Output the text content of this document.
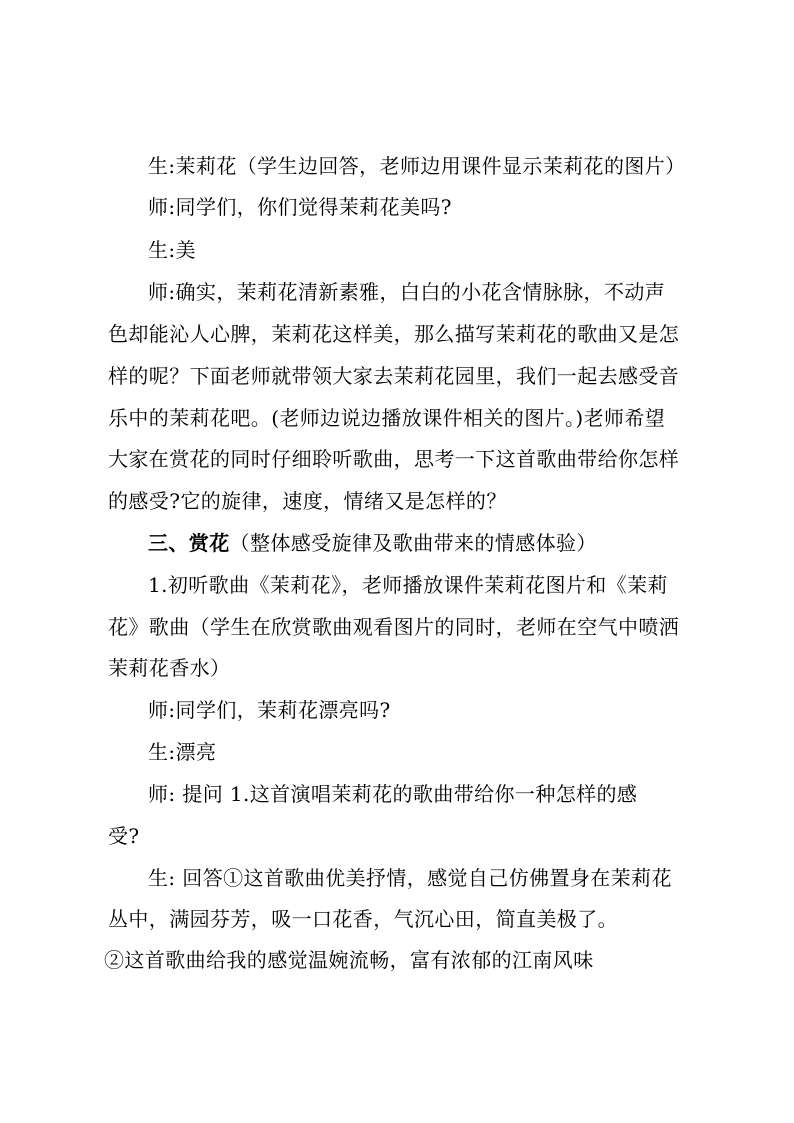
生:茉莉花（学生边回答，老师边用课件显示茉莉花的图片）
师:同学们，你们觉得茉莉花美吗?
生:美
师:确实，茉莉花清新素雅，白白的小花含情脉脉，不动声
色却能沁人心脾，茉莉花这样美，那么描写茉莉花的歌曲又是怎
样的呢？下面老师就带领大家去茉莉花园里，我们一起去感受音
乐中的茉莉花吧。(老师边说边播放课件相关的图片。)老师希望
大家在赏花的同时仔细聆听歌曲，思考一下这首歌曲带给你怎样
的感受?它的旋律，速度，情绪又是怎样的？
三、赏花（整体感受旋律及歌曲带来的情感体验）
1.初听歌曲《茉莉花》，老师播放课件茉莉花图片和《茉莉
花》歌曲（学生在欣赏歌曲观看图片的同时，老师在空气中喷洒
茉莉花香水）
师:同学们，茉莉花漂亮吗?
生:漂亮
师: 提问 1.这首演唱茉莉花的歌曲带给你一种怎样的感
受?
生: 回答①这首歌曲优美抒情，感觉自己仿佛置身在茉莉花
丛中，满园芬芳，吸一口花香，气沉心田，简直美极了。
②这首歌曲给我的感觉温婉流畅，富有浓郁的江南风味
